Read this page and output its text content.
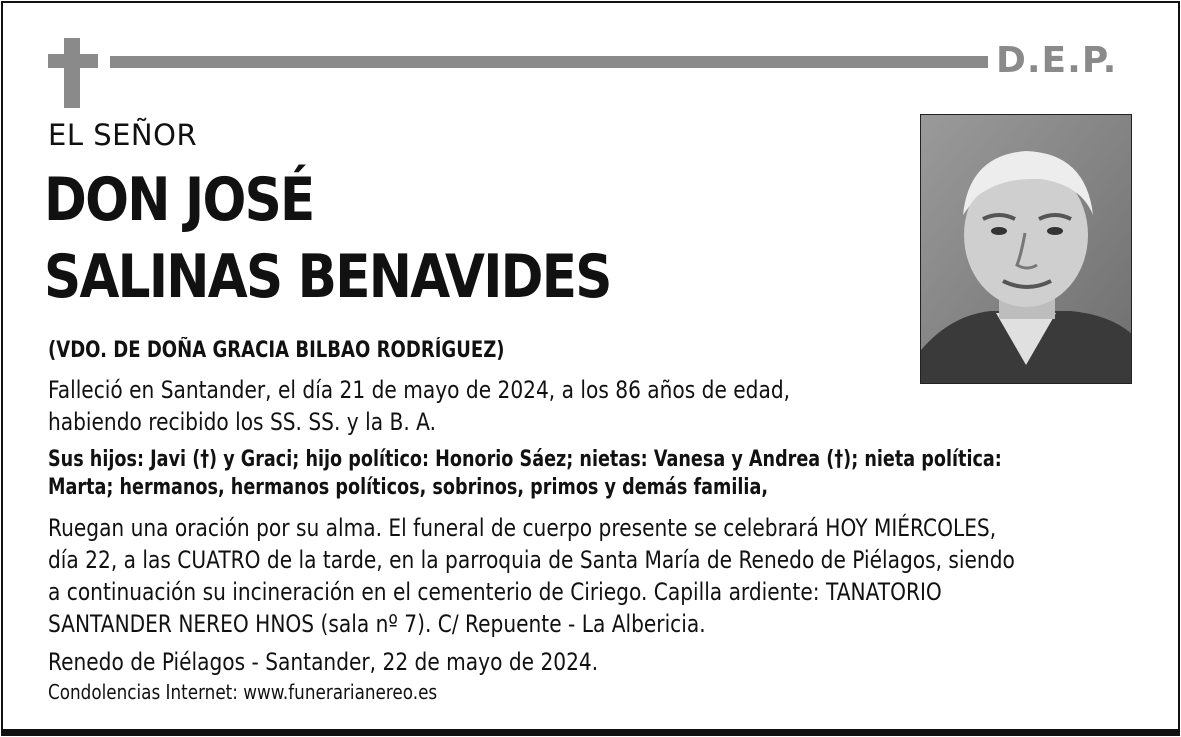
D.E.P.
EL SEÑOR
DON JOSÉ
SALINAS BENAVIDES
(VDO. DE DOÑA GRACIA BILBAO RODRÍGUEZ)
Falleció en Santander, el día 21 de mayo de 2024, a los 86 años de edad,
habiendo recibido los SS. SS. y la B. A.
Sus hijos: Javi (†) y Graci; hijo político: Honorio Sáez; nietas: Vanesa y Andrea (†); nieta política:
Marta; hermanos, hermanos políticos, sobrinos, primos y demás familia,
Ruegan una oración por su alma. El funeral de cuerpo presente se celebrará HOY MIÉRCOLES,
día 22, a las CUATRO de la tarde, en la parroquia de Santa María de Renedo de Piélagos, siendo
a continuación su incineración en el cementerio de Ciriego. Capilla ardiente: TANATORIO
SANTANDER NEREO HNOS (sala nº 7). C/ Repuente - La Albericia.
Renedo de Piélagos - Santander, 22 de mayo de 2024.
Condolencias Internet: www.funerarianereo.es
